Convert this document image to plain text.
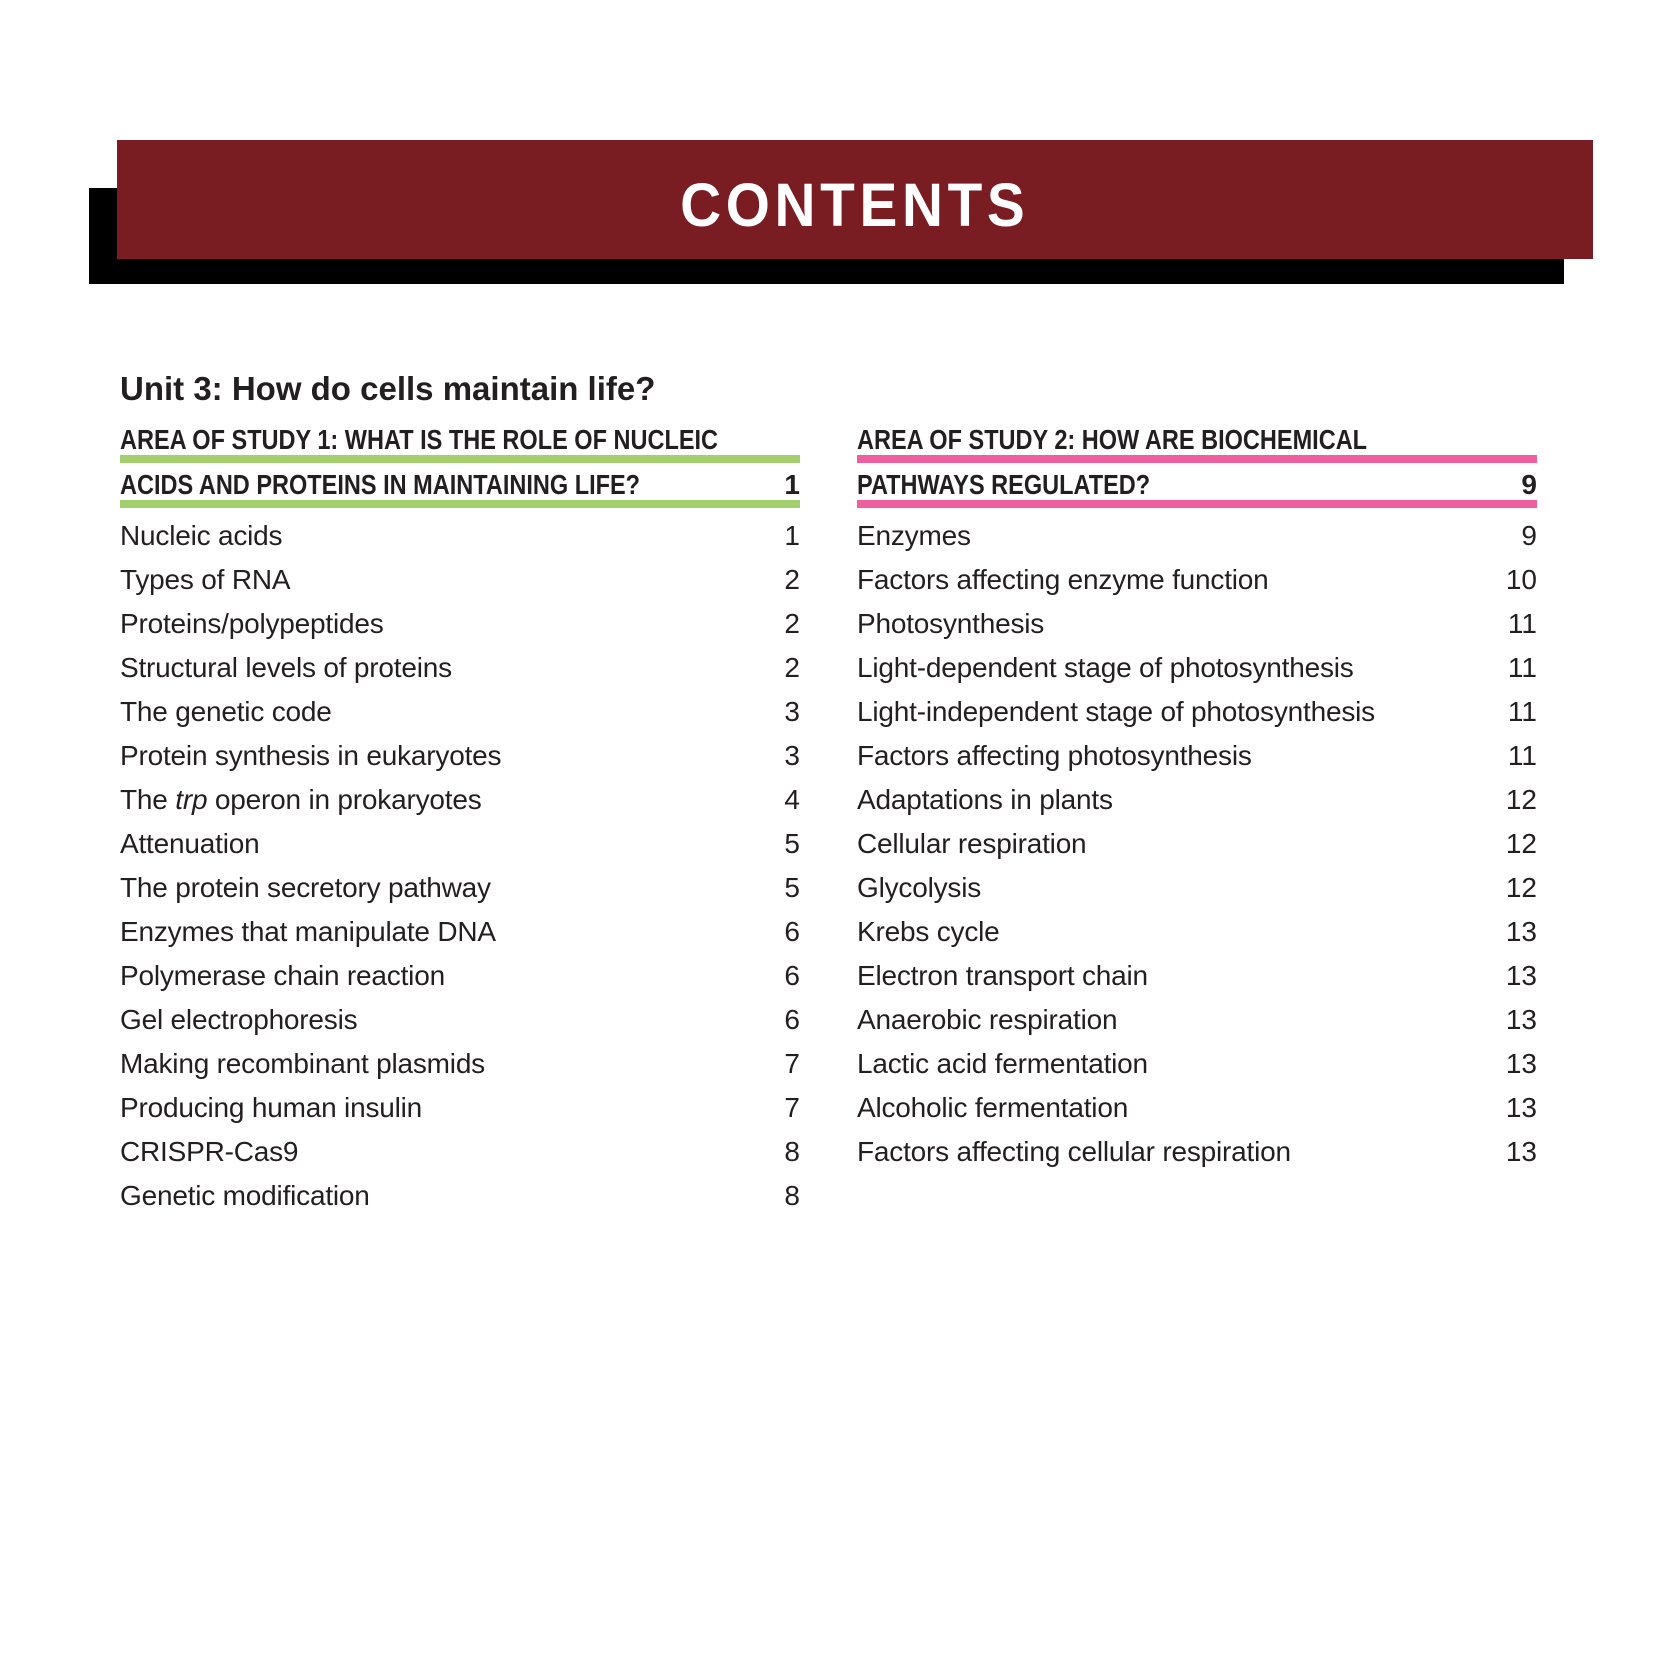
CONTENTS
Unit 3: How do cells maintain life?
AREA OF STUDY 1: WHAT IS THE ROLE OF NUCLEIC
ACIDS AND PROTEINS IN MAINTAINING LIFE?	1
Nucleic acids	1
Types of RNA	2
Proteins/polypeptides	2
Structural levels of proteins	2
The genetic code	3
Protein synthesis in eukaryotes	3
The trp operon in prokaryotes	4
Attenuation	5
The protein secretory pathway	5
Enzymes that manipulate DNA	6
Polymerase chain reaction	6
Gel electrophoresis	6
Making recombinant plasmids	7
Producing human insulin	7
CRISPR-Cas9	8
Genetic modification	8
AREA OF STUDY 2: HOW ARE BIOCHEMICAL
PATHWAYS REGULATED?	9
Enzymes	9
Factors affecting enzyme function	10
Photosynthesis	11
Light-dependent stage of photosynthesis	11
Light-independent stage of photosynthesis	11
Factors affecting photosynthesis	11
Adaptations in plants	12
Cellular respiration	12
Glycolysis	12
Krebs cycle	13
Electron transport chain	13
Anaerobic respiration	13
Lactic acid fermentation	13
Alcoholic fermentation	13
Factors affecting cellular respiration	13
